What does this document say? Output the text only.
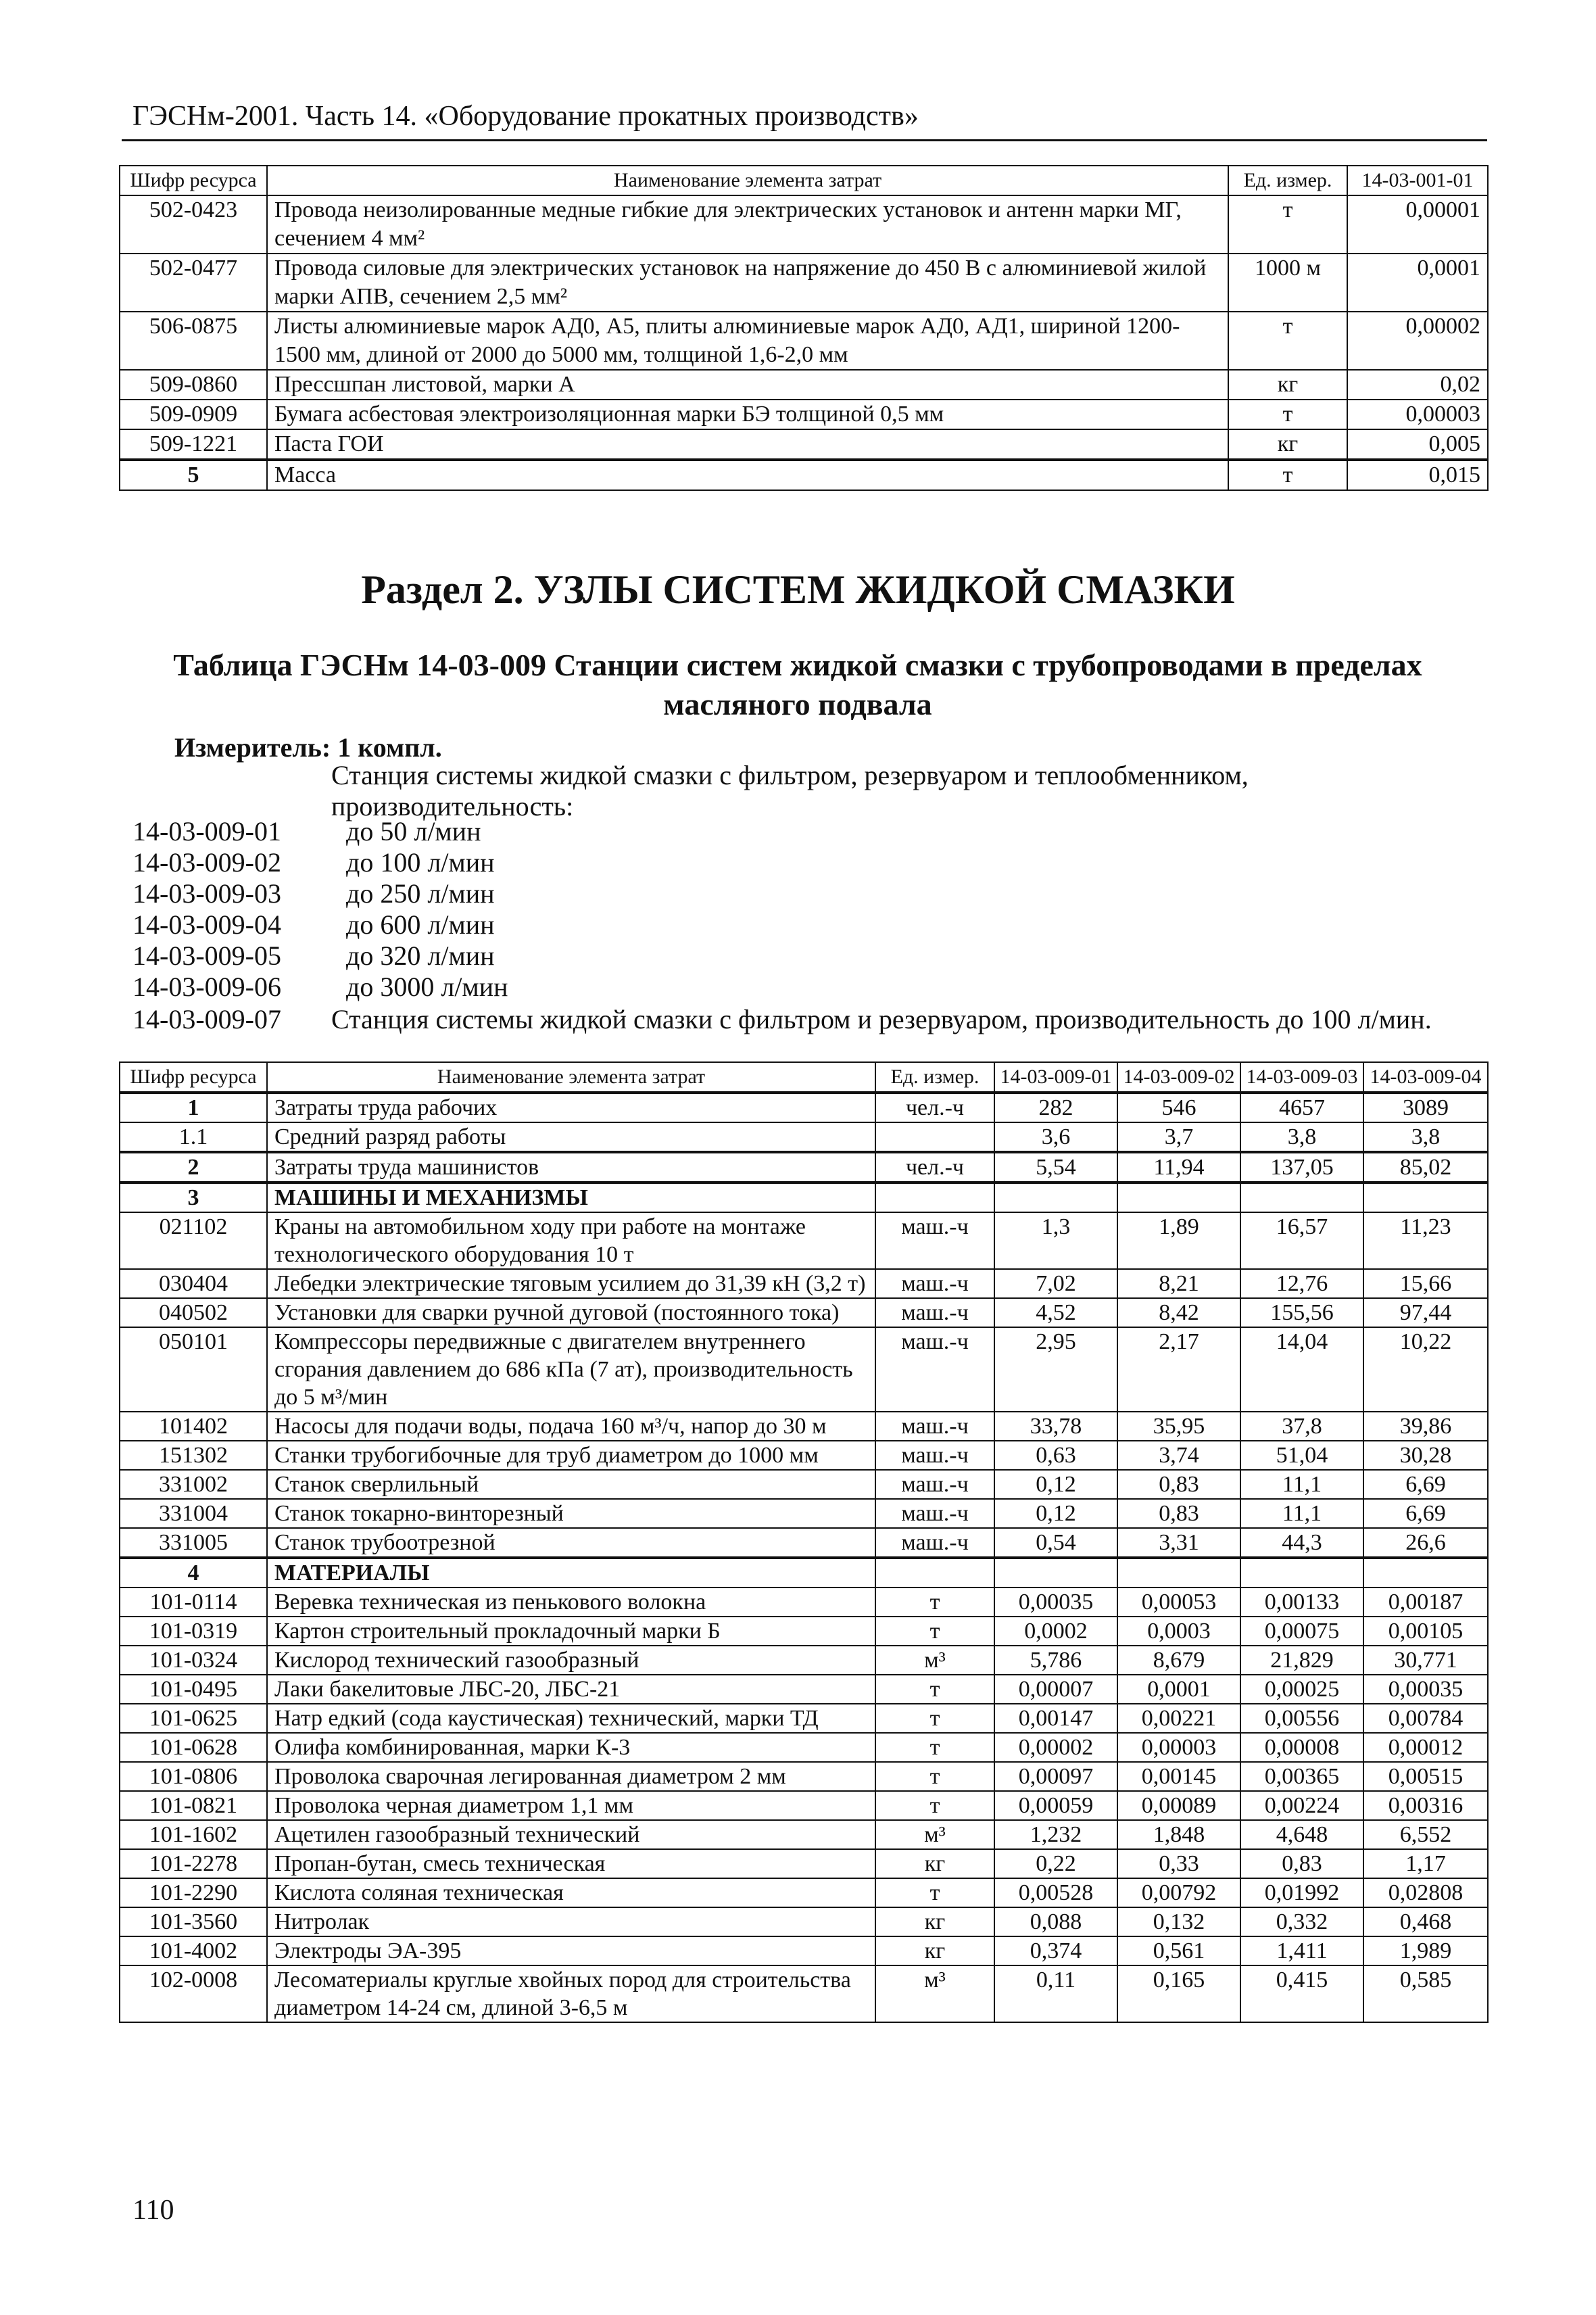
ГЭСНм-2001. Часть 14. «Оборудование прокатных производств»
Шифр ресурса	Наименование элемента затрат	Ед. измер.	14-03-001-01
502-0423	Провода неизолированные медные гибкие для электрических установок и антенн марки МГ, сечением 4 мм²	т	0,00001
502-0477	Провода силовые для электрических установок на напряжение до 450 В с алюминиевой жилой марки АПВ, сечением 2,5 мм²	1000 м	0,0001
506-0875	Листы алюминиевые марок АД0, А5, плиты алюминиевые марок АД0, АД1, шириной 1200-1500 мм, длиной от 2000 до 5000 мм, толщиной 1,6-2,0 мм	т	0,00002
509-0860	Прессшпан листовой, марки А	кг	0,02
509-0909	Бумага асбестовая электроизоляционная марки БЭ толщиной 0,5 мм	т	0,00003
509-1221	Паста ГОИ	кг	0,005
5	Масса	т	0,015
Раздел 2. УЗЛЫ СИСТЕМ ЖИДКОЙ СМАЗКИ
Таблица ГЭСНм 14-03-009 Станции систем жидкой смазки с трубопроводами в пределах масляного подвала
Измеритель: 1 компл.
Станция системы жидкой смазки с фильтром, резервуаром и теплообменником, производительность:
14-03-009-01 до 50 л/мин
14-03-009-02 до 100 л/мин
14-03-009-03 до 250 л/мин
14-03-009-04 до 600 л/мин
14-03-009-05 до 320 л/мин
14-03-009-06 до 3000 л/мин
14-03-009-07 Станция системы жидкой смазки с фильтром и резервуаром, производительность до 100 л/мин.
Шифр ресурса	Наименование элемента затрат	Ед. измер.	14-03-009-01	14-03-009-02	14-03-009-03	14-03-009-04
1	Затраты труда рабочих	чел.-ч	282	546	4657	3089
1.1	Средний разряд работы		3,6	3,7	3,8	3,8
2	Затраты труда машинистов	чел.-ч	5,54	11,94	137,05	85,02
3	МАШИНЫ И МЕХАНИЗМЫ					
021102	Краны на автомобильном ходу при работе на монтаже технологического оборудования 10 т	маш.-ч	1,3	1,89	16,57	11,23
030404	Лебедки электрические тяговым усилием до 31,39 кН (3,2 т)	маш.-ч	7,02	8,21	12,76	15,66
040502	Установки для сварки ручной дуговой (постоянного тока)	маш.-ч	4,52	8,42	155,56	97,44
050101	Компрессоры передвижные с двигателем внутреннего сгорания давлением до 686 кПа (7 ат), производительность до 5 м³/мин	маш.-ч	2,95	2,17	14,04	10,22
101402	Насосы для подачи воды, подача 160 м³/ч, напор до 30 м	маш.-ч	33,78	35,95	37,8	39,86
151302	Станки трубогибочные для труб диаметром до 1000 мм	маш.-ч	0,63	3,74	51,04	30,28
331002	Станок сверлильный	маш.-ч	0,12	0,83	11,1	6,69
331004	Станок токарно-винторезный	маш.-ч	0,12	0,83	11,1	6,69
331005	Станок трубоотрезной	маш.-ч	0,54	3,31	44,3	26,6
4	МАТЕРИАЛЫ					
101-0114	Веревка техническая из пенькового волокна	т	0,00035	0,00053	0,00133	0,00187
101-0319	Картон строительный прокладочный марки Б	т	0,0002	0,0003	0,00075	0,00105
101-0324	Кислород технический газообразный	м³	5,786	8,679	21,829	30,771
101-0495	Лаки бакелитовые ЛБС-20, ЛБС-21	т	0,00007	0,0001	0,00025	0,00035
101-0625	Натр едкий (сода каустическая) технический, марки ТД	т	0,00147	0,00221	0,00556	0,00784
101-0628	Олифа комбинированная, марки К-3	т	0,00002	0,00003	0,00008	0,00012
101-0806	Проволока сварочная легированная диаметром 2 мм	т	0,00097	0,00145	0,00365	0,00515
101-0821	Проволока черная диаметром 1,1 мм	т	0,00059	0,00089	0,00224	0,00316
101-1602	Ацетилен газообразный технический	м³	1,232	1,848	4,648	6,552
101-2278	Пропан-бутан, смесь техническая	кг	0,22	0,33	0,83	1,17
101-2290	Кислота соляная техническая	т	0,00528	0,00792	0,01992	0,02808
101-3560	Нитролак	кг	0,088	0,132	0,332	0,468
101-4002	Электроды ЭА-395	кг	0,374	0,561	1,411	1,989
102-0008	Лесоматериалы круглые хвойных пород для строительства диаметром 14-24 см, длиной 3-6,5 м	м³	0,11	0,165	0,415	0,585
110
